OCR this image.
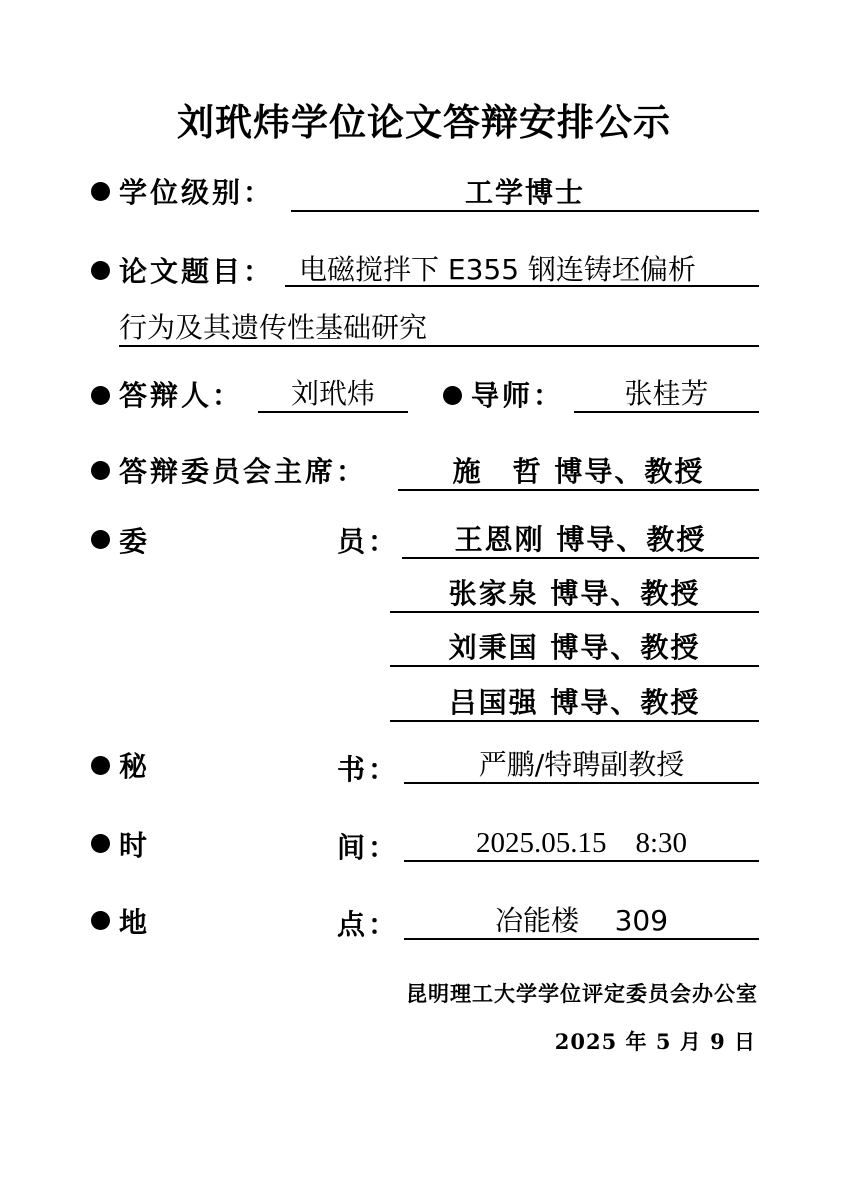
刘玳炜学位论文答辩安排公示
学位级别：	工学博士
论文题目： 电磁搅拌下 E355 钢连铸坯偏析
行为及其遗传性基础研究
答辩人：	刘玳炜	导师：	张桂芳
答辩委员会主席：	施　哲 博导、教授
委	员：	王恩刚 博导、教授
张家泉 博导、教授
刘秉国 博导、教授
吕国强 博导、教授
秘	书：	严鹏/特聘副教授
时	间：	2025.05.15    8:30
地	点：	冶能楼    309
昆明理工大学学位评定委员会办公室
2025 年 5 月 9 日
